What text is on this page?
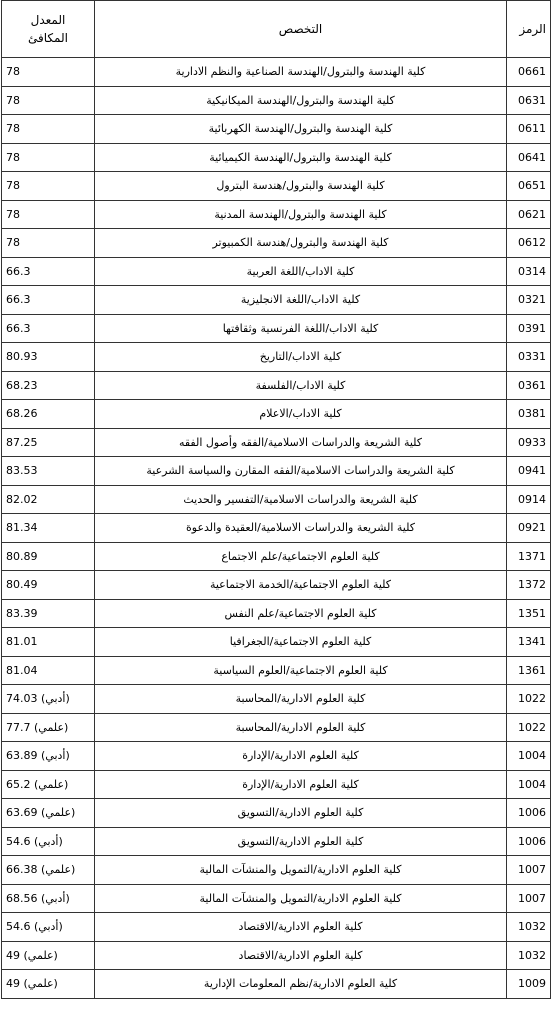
الرمز	التخصص	المعدل
المكافئ

0661	كلية الهندسة والبترول/الهندسة الصناعية والنظم الادارية	78
0631	كلية الهندسة والبترول/الهندسة الميكانيكية	78
0611	كلية الهندسة والبترول/الهندسة الكهربائية	78
0641	كلية الهندسة والبترول/الهندسة الكيميائية	78
0651	كلية الهندسة والبترول/هندسة البترول	78
0621	كلية الهندسة والبترول/الهندسة المدنية	78
0612	كلية الهندسة والبترول/هندسة الكمبيوتر	78
0314	كلية الاداب/اللغة العربية	66.3
0321	كلية الاداب/اللغة الانجليزية	66.3
0391	كلية الاداب/اللغة الفرنسية وثقافتها	66.3
0331	كلية الاداب/التاريخ	80.93
0361	كلية الاداب/الفلسفة	68.23
0381	كلية الاداب/الاعلام	68.26
0933	كلية الشريعة والدراسات الاسلامية/الفقه وأصول الفقه	87.25
0941	كلية الشريعة والدراسات الاسلامية/الفقه المقارن والسياسة الشرعية	83.53
0914	كلية الشريعة والدراسات الاسلامية/التفسير والحديث	82.02
0921	كلية الشريعة والدراسات الاسلامية/العقيدة والدعوة	81.34
1371	كلية العلوم الاجتماعية/علم الاجتماع	80.89
1372	كلية العلوم الاجتماعية/الخدمة الاجتماعية	80.49
1351	كلية العلوم الاجتماعية/علم النفس	83.39
1341	كلية العلوم الاجتماعية/الجغرافيا	81.01
1361	كلية العلوم الاجتماعية/العلوم السياسية	81.04
1022	كلية العلوم الادارية/المحاسبة	74.03 (أدبي)
1022	كلية العلوم الادارية/المحاسبة	77.7 (علمي)
1004	كلية العلوم الادارية/الإدارة	63.89 (أدبي)
1004	كلية العلوم الادارية/الإدارة	65.2 (علمي)
1006	كلية العلوم الادارية/التسويق	63.69 (علمي)
1006	كلية العلوم الادارية/التسويق	54.6 (أدبي)
1007	كلية العلوم الادارية/التمويل والمنشآت المالية	66.38 (علمي)
1007	كلية العلوم الادارية/التمويل والمنشآت المالية	68.56 (أدبي)
1032	كلية العلوم الادارية/الاقتصاد	54.6 (أدبي)
1032	كلية العلوم الادارية/الاقتصاد	49 (علمي)
1009	كلية العلوم الادارية/نظم المعلومات الإدارية	49 (علمي)
